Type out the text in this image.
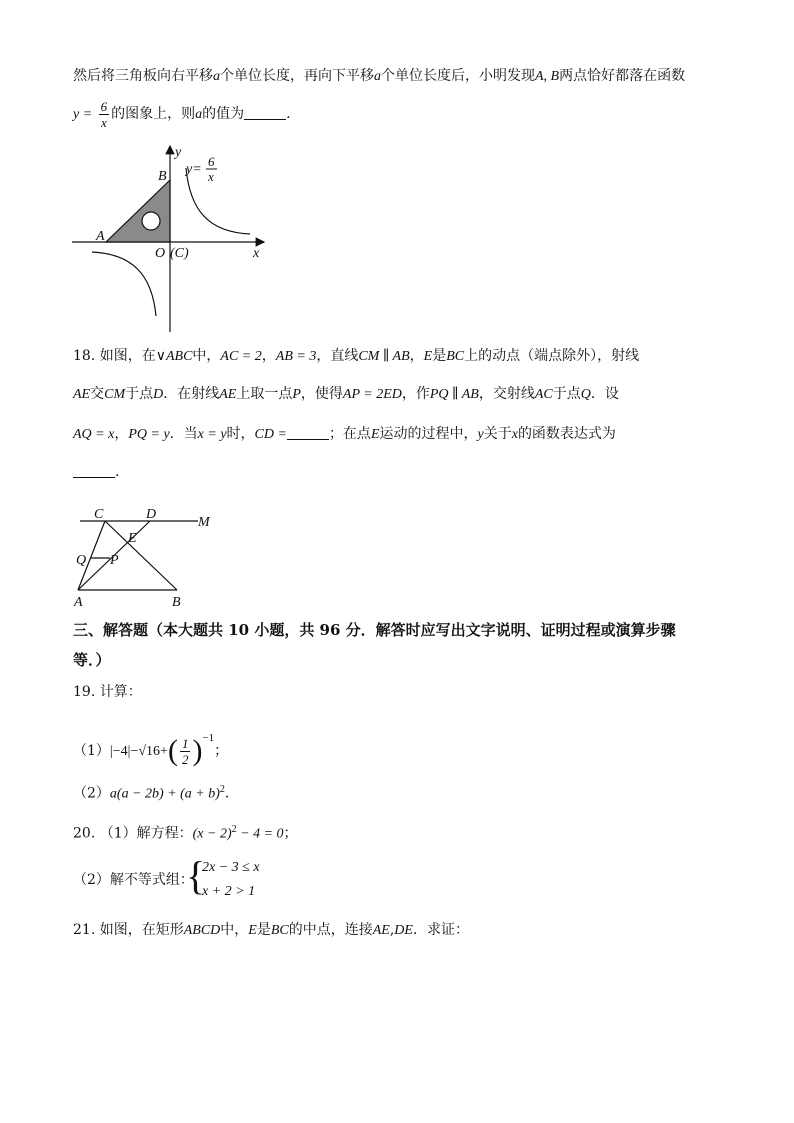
然后将三角板向右平移a个单位长度，再向下平移a个单位长度后，小明发现A, B两点恰好都落在函数
$y = \frac{6}{x}$ 的图象上，则a的值为	.
y
x
B
A
O (C)
y=
6
x
18. 如图，在∨ABC中，AC = 2，AB = 3，直线CM ∥ AB，E是BC上的动点（端点除外），射线
AE交CM于点D．在射线AE上取一点P，使得AP = 2ED，作PQ ∥ AB，交射线AC于点Q．设
AQ = x，PQ = y．当x = y时，CD =	；在点E运动的过程中，y关于x的函数表达式为
.
C	D
M
E
Q P
A	B
三、解答题（本大题共 10 小题，共 96 分．解答时应写出文字说明、证明过程或演算步骤
等．）
19. 计算：
$(1)|-4|-√16+( \frac{1}{2} )^{-1}$；
$(2)a(a - 2b) + (a + b)^2$.
20. （1）解方程：$(x - 2)^2 - 4 = 0$；
（2）解不等式组：
{
2x − 3 ≤ x
x + 2 > 1
21. 如图，在矩形ABCD中，E是BC的中点，连接AE,DE．求证：
